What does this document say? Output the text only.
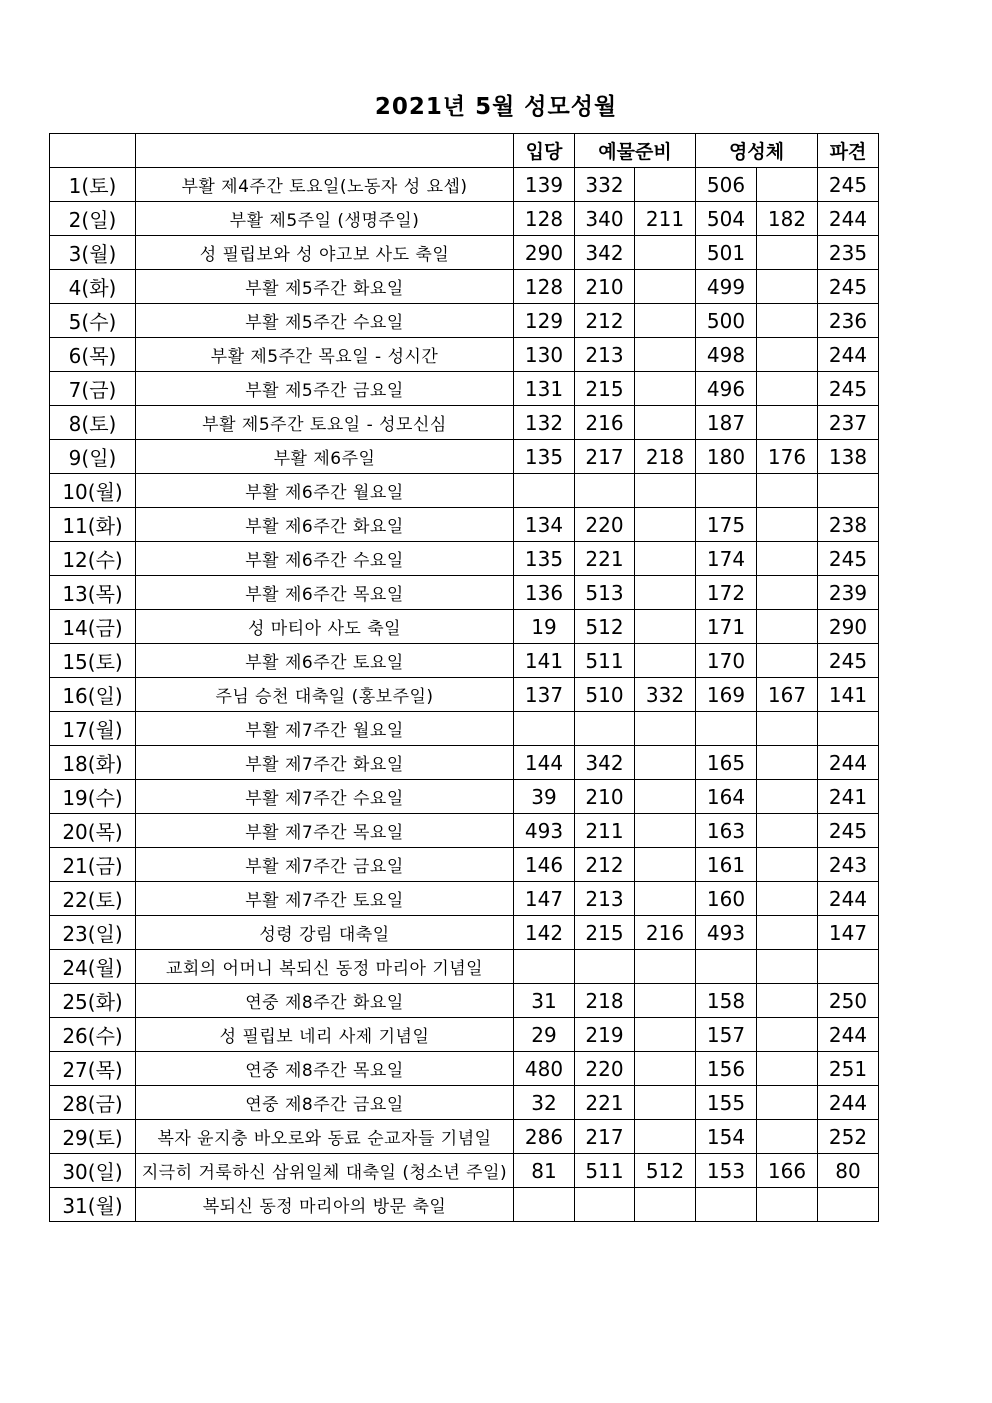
2021년 5월 성모성월
		입당	예물준비		영성체		파견
1(토)	부활 제4주간 토요일(노동자 성 요셉)	139	332		506		245
2(일)	부활 제5주일 (생명주일)	128	340	211	504	182	244
3(월)	성 필립보와 성 야고보 사도 축일	290	342		501		235
4(화)	부활 제5주간 화요일	128	210		499		245
5(수)	부활 제5주간 수요일	129	212		500		236
6(목)	부활 제5주간 목요일 - 성시간	130	213		498		244
7(금)	부활 제5주간 금요일	131	215		496		245
8(토)	부활 제5주간 토요일 - 성모신심	132	216		187		237
9(일)	부활 제6주일	135	217	218	180	176	138
10(월)	부활 제6주간 월요일						
11(화)	부활 제6주간 화요일	134	220		175		238
12(수)	부활 제6주간 수요일	135	221		174		245
13(목)	부활 제6주간 목요일	136	513		172		239
14(금)	성 마티아 사도 축일	19	512		171		290
15(토)	부활 제6주간 토요일	141	511		170		245
16(일)	주님 승천 대축일 (홍보주일)	137	510	332	169	167	141
17(월)	부활 제7주간 월요일						
18(화)	부활 제7주간 화요일	144	342		165		244
19(수)	부활 제7주간 수요일	39	210		164		241
20(목)	부활 제7주간 목요일	493	211		163		245
21(금)	부활 제7주간 금요일	146	212		161		243
22(토)	부활 제7주간 토요일	147	213		160		244
23(일)	성령 강림 대축일	142	215	216	493		147
24(월)	교회의 어머니 복되신 동정 마리아 기념일						
25(화)	연중 제8주간 화요일	31	218		158		250
26(수)	성 필립보 네리 사제 기념일	29	219		157		244
27(목)	연중 제8주간 목요일	480	220		156		251
28(금)	연중 제8주간 금요일	32	221		155		244
29(토)	복자 윤지충 바오로와 동료 순교자들 기념일	286	217		154		252
30(일)	지극히 거룩하신 삼위일체 대축일 (청소년 주일)	81	511	512	153	166	80
31(월)	복되신 동정 마리아의 방문 축일						
